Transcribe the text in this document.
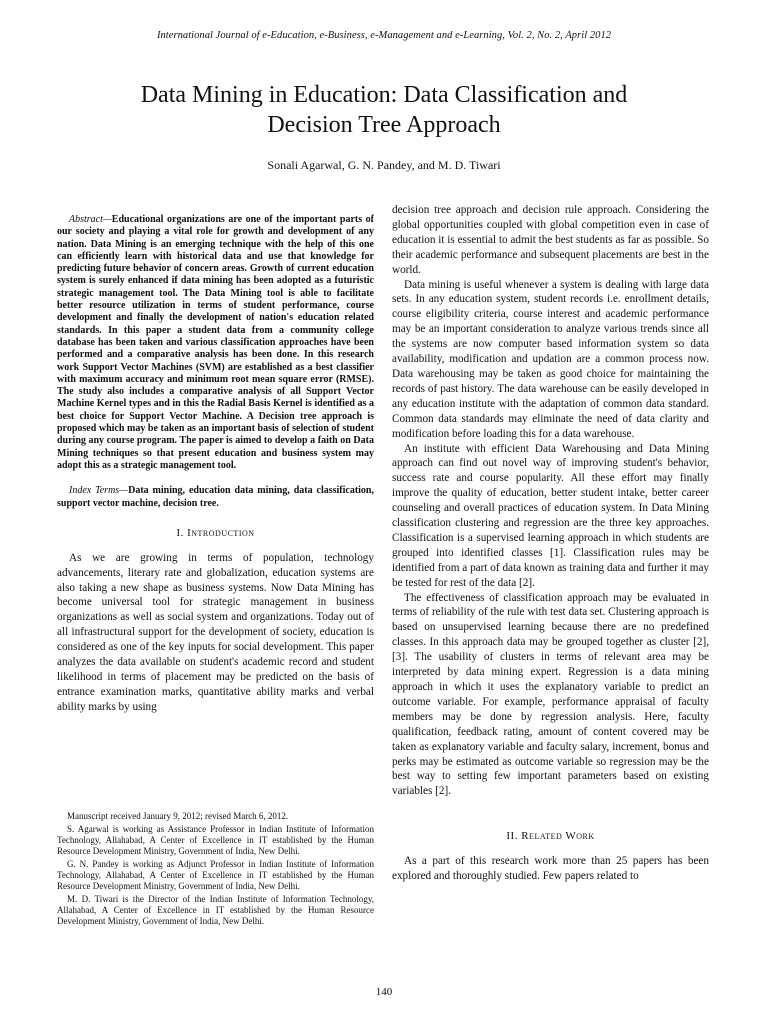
International Journal of e-Education, e-Business, e-Management and e-Learning, Vol. 2, No. 2, April 2012
Data Mining in Education: Data Classification and
Decision Tree Approach
Sonali Agarwal, G. N. Pandey, and M. D. Tiwari

Abstract—Educational organizations are one of the important parts of our society and playing a vital role for growth and development of any nation. Data Mining is an emerging technique with the help of this one can efficiently learn with historical data and use that knowledge for predicting future behavior of concern areas. Growth of current education system is surely enhanced if data mining has been adopted as a futuristic strategic management tool. The Data Mining tool is able to facilitate better resource utilization in terms of student performance, course development and finally the development of nation's education related standards. In this paper a student data from a community college database has been taken and various classification approaches have been performed and a comparative analysis has been done. In this research work Support Vector Machines (SVM) are established as a best classifier with maximum accuracy and minimum root mean square error (RMSE). The study also includes a comparative analysis of all Support Vector Machine Kernel types and in this the Radial Basis Kernel is identified as a best choice for Support Vector Machine. A Decision tree approach is proposed which may be taken as an important basis of selection of student during any course program. The paper is aimed to develop a faith on Data Mining techniques so that present education and business system may adopt this as a strategic management tool.

Index Terms—Data mining, education data mining, data classification, support vector machine, decision tree.

I. Introduction

As we are growing in terms of population, technology advancements, literary rate and globalization, education systems are also taking a new shape as business systems. Now Data Mining has become universal tool for strategic management in business organizations as well as social system and organizations. Today out of all infrastructural support for the development of society, education is considered as one of the key inputs for social development. This paper analyzes the data available on student's academic record and student likelihood in terms of placement may be predicted on the basis of entrance examination marks, quantitative ability marks and verbal ability marks by using

Manuscript received January 9, 2012; revised March 6, 2012.

S. Agarwal is working as Assistance Professor in Indian Institute of Information Technology, Allahabad, A Center of Excellence in IT established by the Human Resource Development Ministry, Government of India, New Delhi.

G. N. Pandey is working as Adjunct Professor in Indian Institute of Information Technology, Allahabad, A Center of Excellence in IT established by the Human Resource Development Ministry, Government of India, New Delhi.

M. D. Tiwari is the Director of the Indian Institute of Information Technology, Allahabad, A Center of Excellence in IT established by the Human Resource Development Ministry, Government of India, New Delhi.

decision tree approach and decision rule approach. Considering the global opportunities coupled with global competition even in case of education it is essential to admit the best students as far as possible. So their academic performance and subsequent placements are best in the world.

Data mining is useful whenever a system is dealing with large data sets. In any education system, student records i.e. enrollment details, course eligibility criteria, course interest and academic performance may be an important consideration to analyze various trends since all the systems are now computer based information system so data availability, modification and updation are a common process now. Data warehousing may be taken as good choice for maintaining the records of past history. The data warehouse can be easily developed in any education institute with the adaptation of common data standard. Common data standards may eliminate the need of data clarity and modification before loading this for a data warehouse.

An institute with efficient Data Warehousing and Data Mining approach can find out novel way of improving student's behavior, success rate and course popularity. All these effort may finally improve the quality of education, better student intake, better career counseling and overall practices of education system. In Data Mining classification clustering and regression are the three key approaches. Classification is a supervised learning approach in which students are grouped into identified classes [1]. Classification rules may be identified from a part of data known as training data and further it may be tested for rest of the data [2].

The effectiveness of classification approach may be evaluated in terms of reliability of the rule with test data set. Clustering approach is based on unsupervised learning because there are no predefined classes. In this approach data may be grouped together as cluster [2], [3]. The usability of clusters in terms of relevant area may be interpreted by data mining expert. Regression is a data mining approach in which it uses the explanatory variable to predict an outcome variable. For example, performance appraisal of faculty members may be done by regression analysis. Here, faculty qualification, feedback rating, amount of content covered may be taken as explanatory variable and faculty salary, increment, bonus and perks may be estimated as outcome variable so regression may be the best way to setting few important parameters based on existing variables [2].

II. Related Work

As a part of this research work more than 25 papers has been explored and thoroughly studied. Few papers related to

140
